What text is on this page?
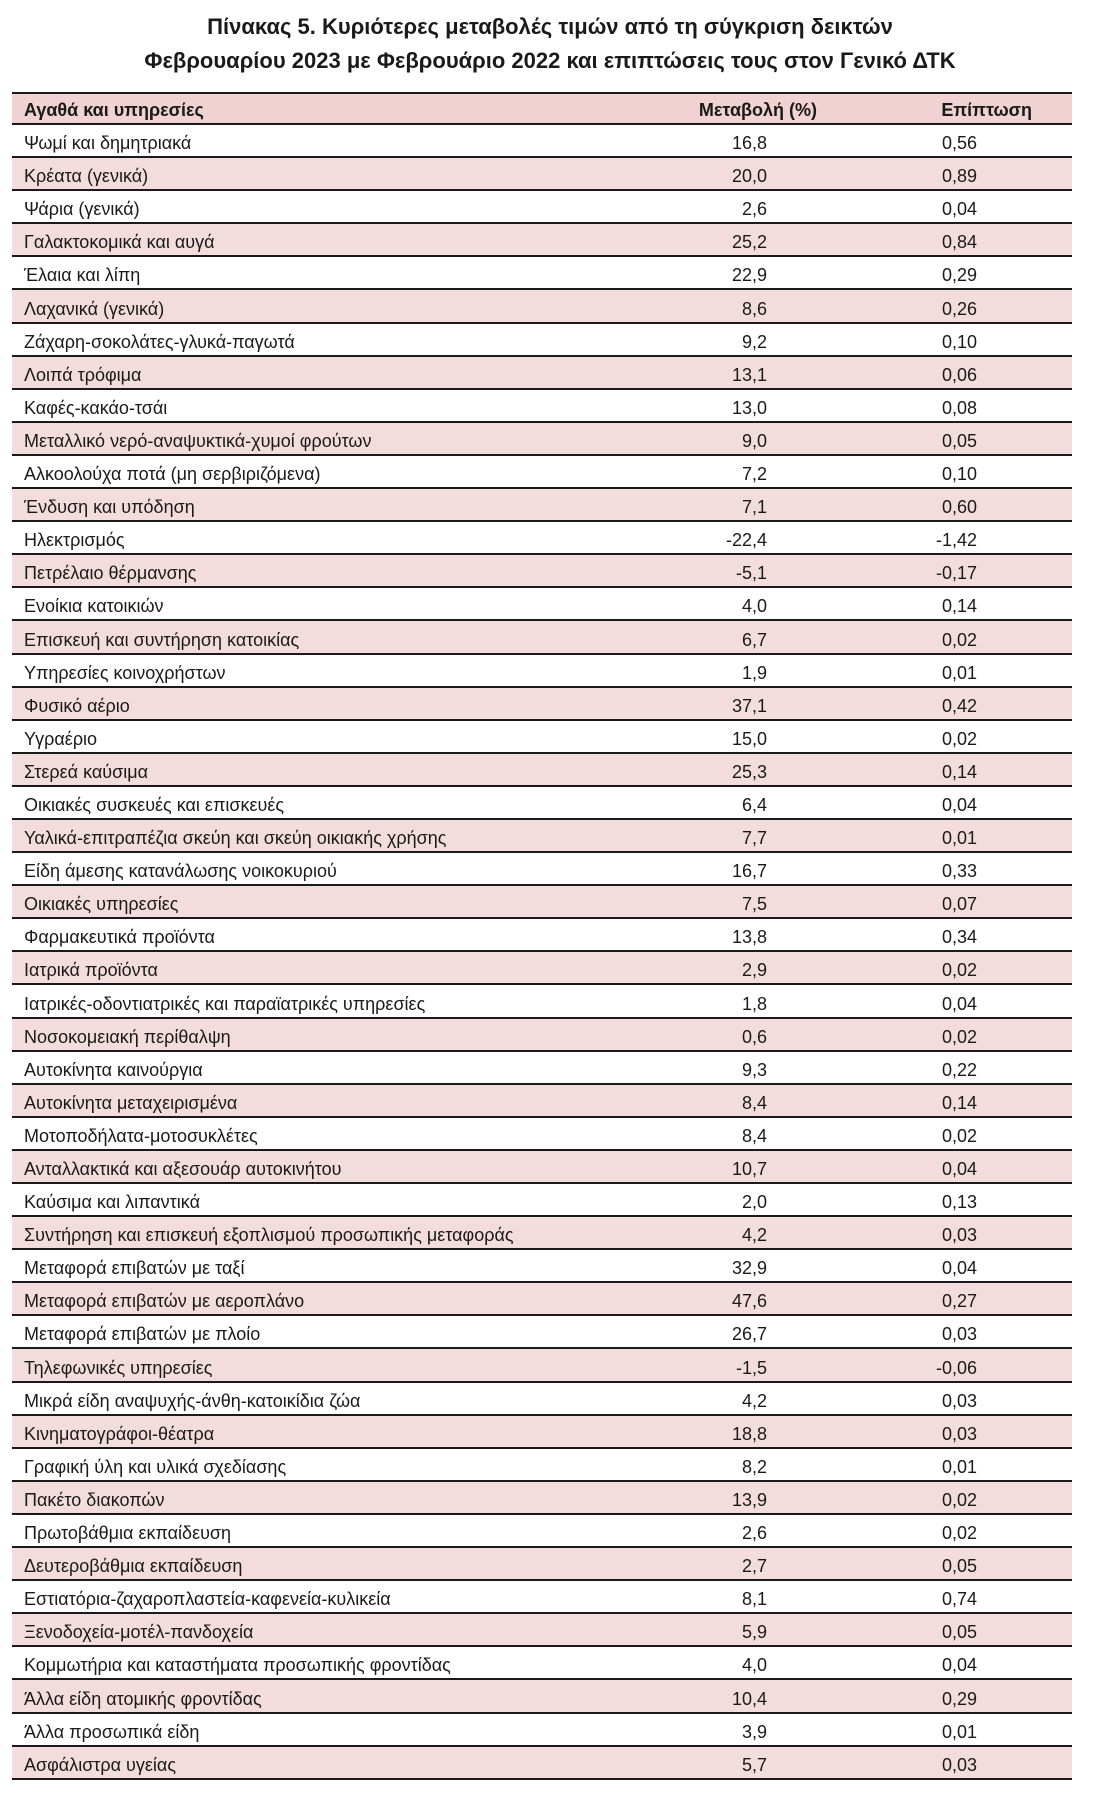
Πίνακας 5. Κυριότερες μεταβολές τιμών από τη σύγκριση δεικτών
Φεβρουαρίου 2023 με Φεβρουάριο 2022 και επιπτώσεις τους στον Γενικό ΔΤΚ
Αγαθά και υπηρεσίες	Μεταβολή (%)	Επίπτωση
Ψωμί και δημητριακά	16,8	0,56
Κρέατα (γενικά)	20,0	0,89
Ψάρια (γενικά)	2,6	0,04
Γαλακτοκομικά και αυγά	25,2	0,84
Έλαια και λίπη	22,9	0,29
Λαχανικά (γενικά)	8,6	0,26
Ζάχαρη-σοκολάτες-γλυκά-παγωτά	9,2	0,10
Λοιπά τρόφιμα	13,1	0,06
Καφές-κακάο-τσάι	13,0	0,08
Μεταλλικό νερό-αναψυκτικά-χυμοί φρούτων	9,0	0,05
Αλκοολούχα ποτά (μη σερβιριζόμενα)	7,2	0,10
Ένδυση και υπόδηση	7,1	0,60
Ηλεκτρισμός	-22,4	-1,42
Πετρέλαιο θέρμανσης	-5,1	-0,17
Ενοίκια κατοικιών	4,0	0,14
Επισκευή και συντήρηση κατοικίας	6,7	0,02
Υπηρεσίες κοινοχρήστων	1,9	0,01
Φυσικό αέριο	37,1	0,42
Υγραέριο	15,0	0,02
Στερεά καύσιμα	25,3	0,14
Οικιακές συσκευές και επισκευές	6,4	0,04
Υαλικά-επιτραπέζια σκεύη και σκεύη οικιακής χρήσης	7,7	0,01
Είδη άμεσης κατανάλωσης νοικοκυριού	16,7	0,33
Οικιακές υπηρεσίες	7,5	0,07
Φαρμακευτικά προϊόντα	13,8	0,34
Ιατρικά προϊόντα	2,9	0,02
Ιατρικές-οδοντιατρικές και παραϊατρικές υπηρεσίες	1,8	0,04
Νοσοκομειακή περίθαλψη	0,6	0,02
Αυτοκίνητα καινούργια	9,3	0,22
Αυτοκίνητα μεταχειρισμένα	8,4	0,14
Μοτοποδήλατα-μοτοσυκλέτες	8,4	0,02
Ανταλλακτικά και αξεσουάρ αυτοκινήτου	10,7	0,04
Καύσιμα και λιπαντικά	2,0	0,13
Συντήρηση και επισκευή εξοπλισμού προσωπικής μεταφοράς	4,2	0,03
Μεταφορά επιβατών με ταξί	32,9	0,04
Μεταφορά επιβατών με αεροπλάνο	47,6	0,27
Μεταφορά επιβατών με πλοίο	26,7	0,03
Τηλεφωνικές υπηρεσίες	-1,5	-0,06
Μικρά είδη αναψυχής-άνθη-κατοικίδια ζώα	4,2	0,03
Κινηματογράφοι-θέατρα	18,8	0,03
Γραφική ύλη και υλικά σχεδίασης	8,2	0,01
Πακέτο διακοπών	13,9	0,02
Πρωτοβάθμια εκπαίδευση	2,6	0,02
Δευτεροβάθμια εκπαίδευση	2,7	0,05
Εστιατόρια-ζαχαροπλαστεία-καφενεία-κυλικεία	8,1	0,74
Ξενοδοχεία-μοτέλ-πανδοχεία	5,9	0,05
Κομμωτήρια και καταστήματα προσωπικής φροντίδας	4,0	0,04
Άλλα είδη ατομικής φροντίδας	10,4	0,29
Άλλα προσωπικά είδη	3,9	0,01
Ασφάλιστρα υγείας	5,7	0,03
